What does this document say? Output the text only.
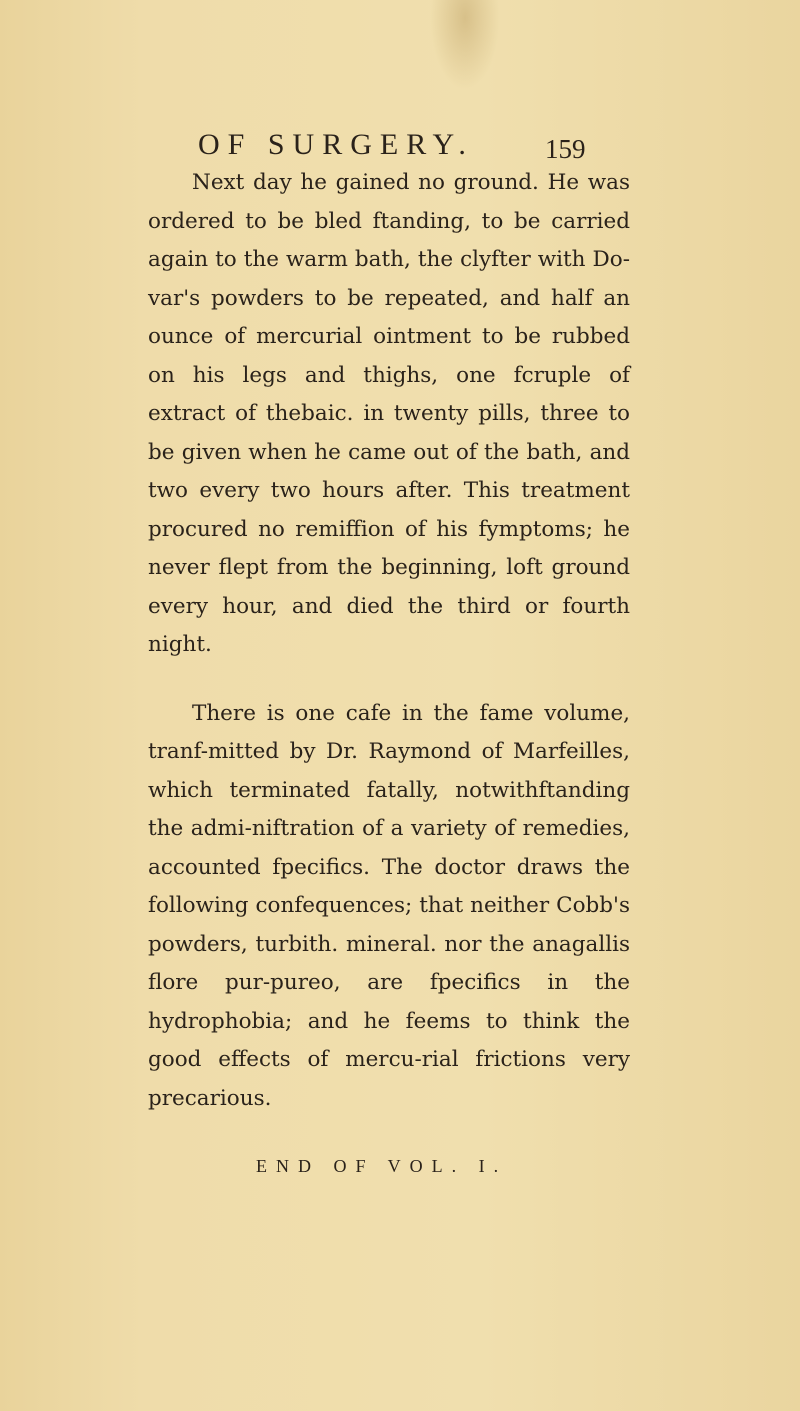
OF SURGERY.	159

Next day he gained no ground. He was ordered to be bled ftanding, to be carried again to the warm bath, the clyfter with Do-var's powders to be repeated, and half an ounce of mercurial ointment to be rubbed on his legs and thighs, one fcruple of extract of thebaic. in twenty pills, three to be given when he came out of the bath, and two every two hours after. This treatment procured no remiffion of his fymptoms; he never flept from the beginning, loft ground every hour, and died the third or fourth night.

There is one cafe in the fame volume, tranf-mitted by Dr. Raymond of Marfeilles, which terminated fatally, notwithftanding the admi-niftration of a variety of remedies, accounted fpecifics. The doctor draws the following confequences; that neither Cobb's powders, turbith. mineral. nor the anagallis flore pur-pureo, are fpecifics in the hydrophobia; and he feems to think the good effects of mercu-rial frictions very precarious.

END OF VOL. I.
